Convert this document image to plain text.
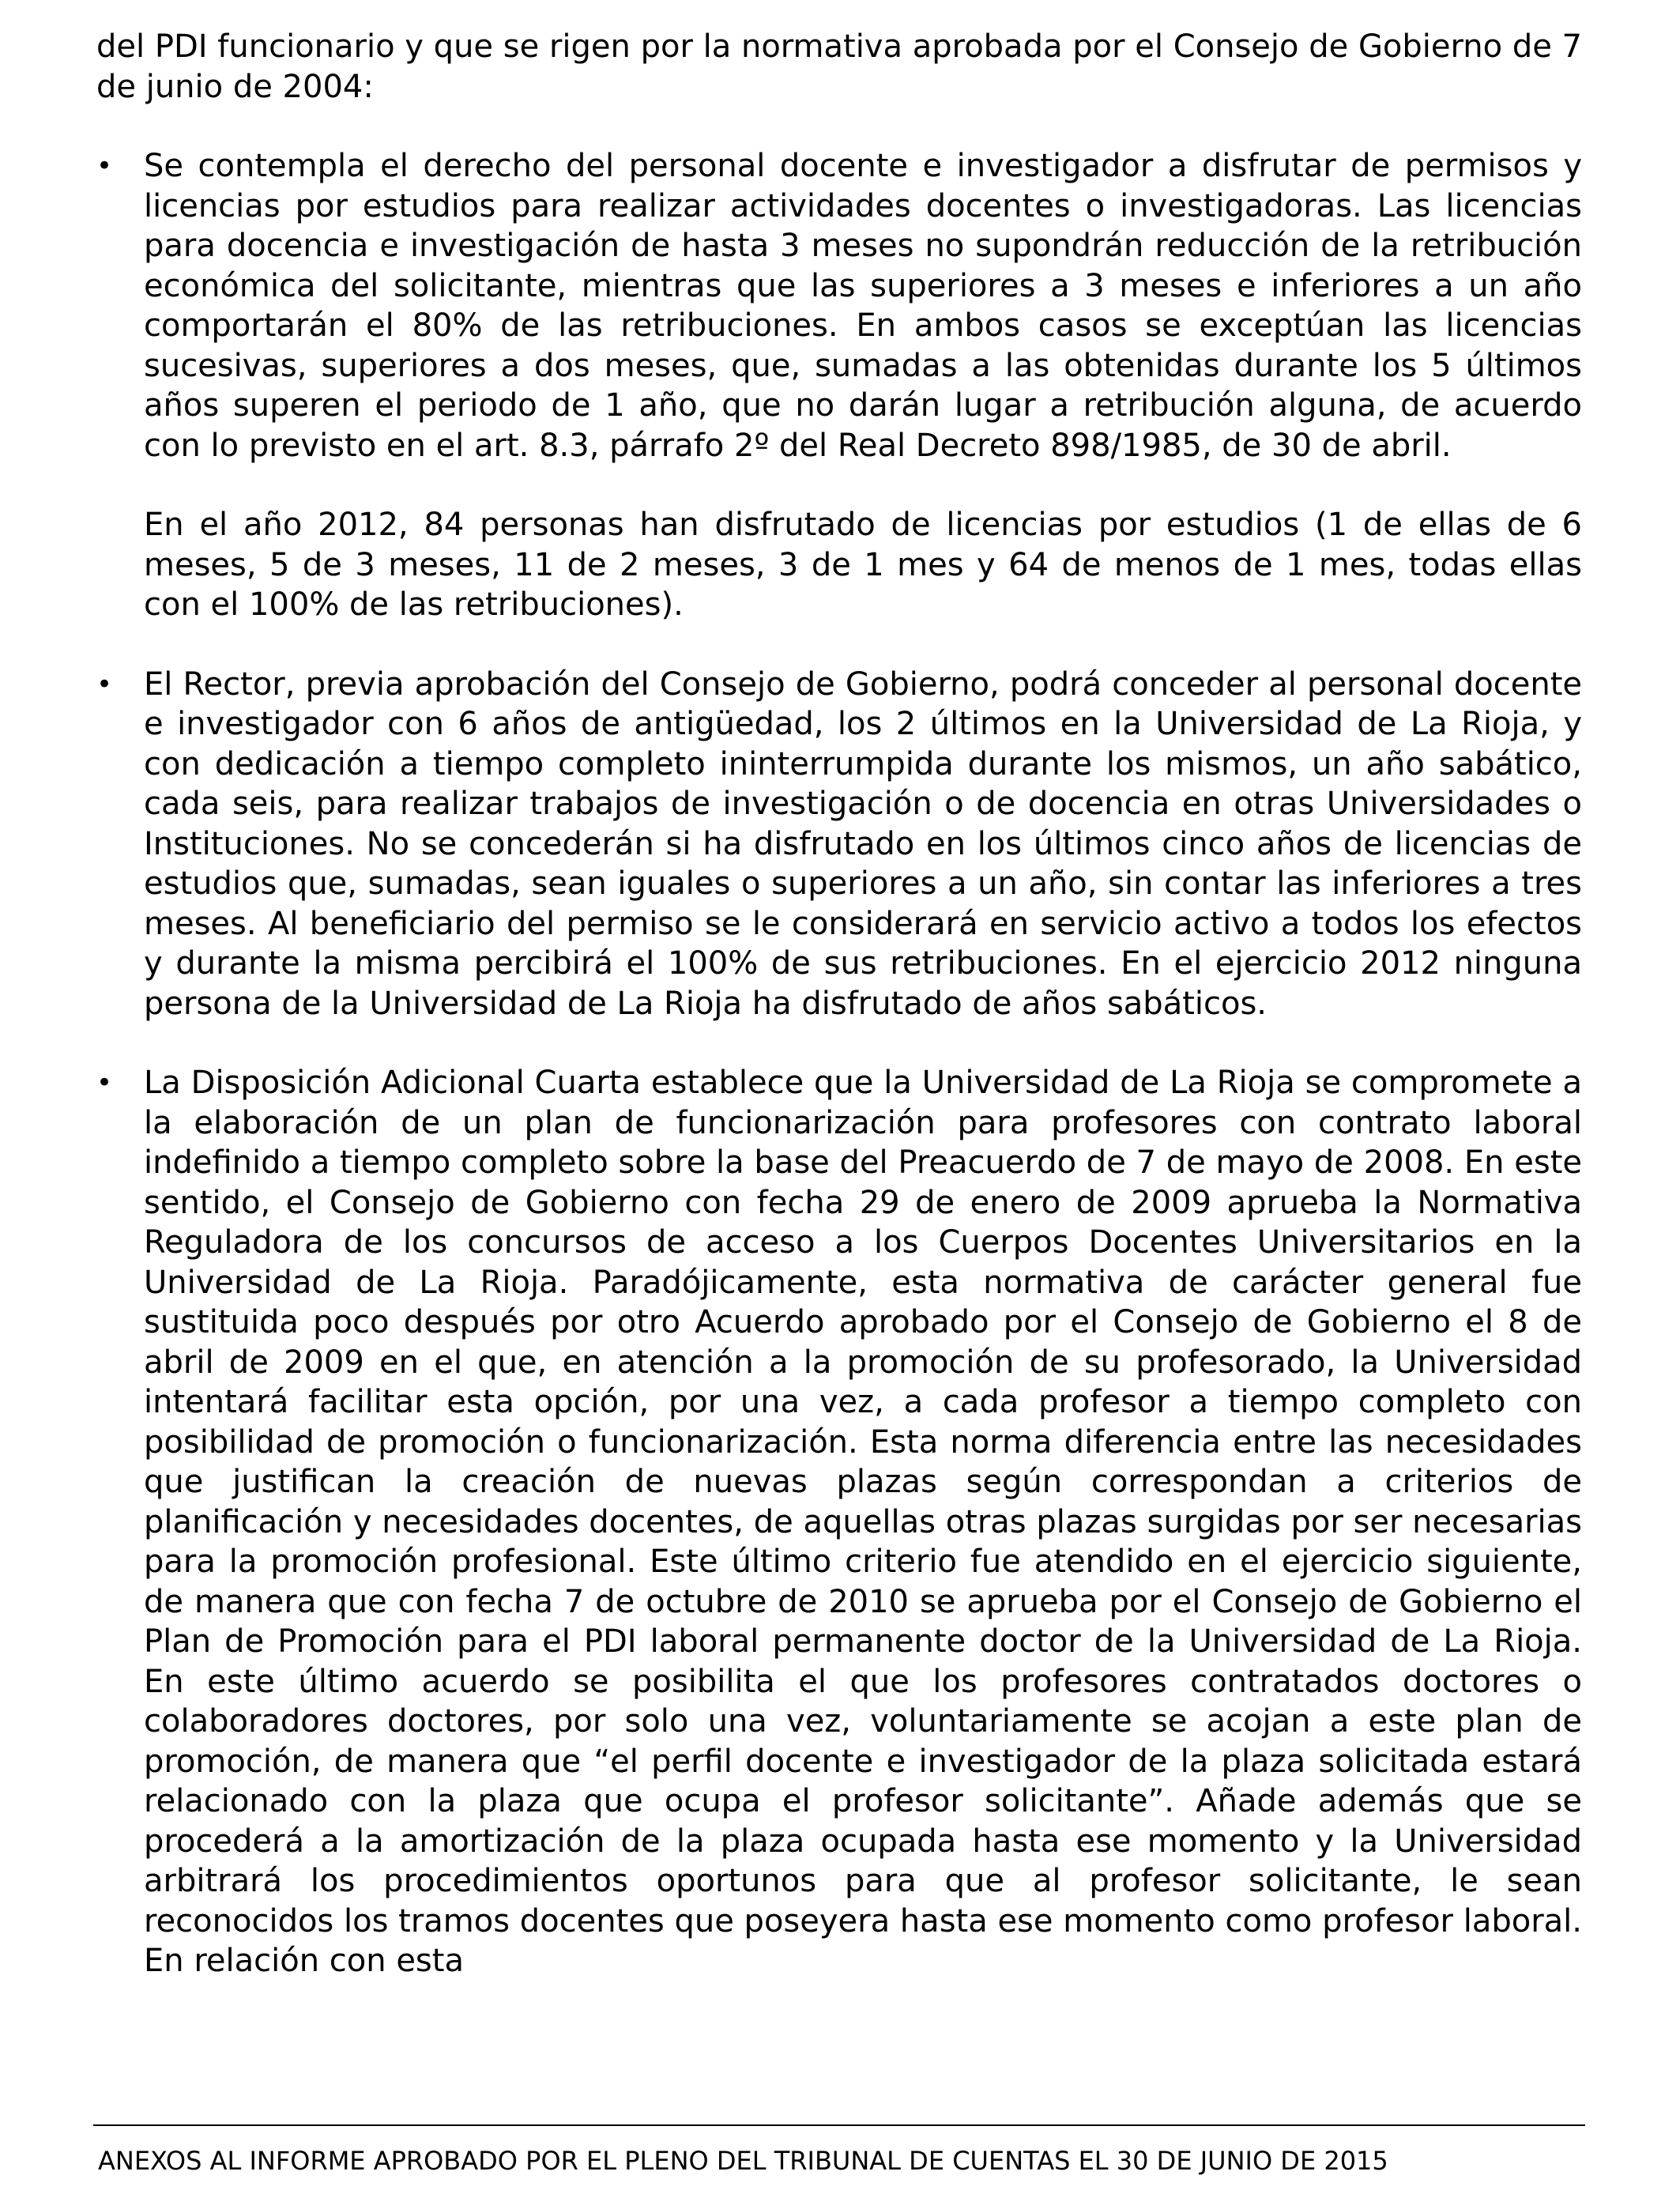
del PDI funcionario y que se rigen por la normativa aprobada por el Consejo de Gobierno de 7 de junio de 2004:

• Se contempla el derecho del personal docente e investigador a disfrutar de permisos y licencias por estudios para realizar actividades docentes o investigadoras. Las licencias para docencia e investigación de hasta 3 meses no supondrán reducción de la retribución económica del solicitante, mientras que las superiores a 3 meses e inferiores a un año comportarán el 80% de las retribuciones. En ambos casos se exceptúan las licencias sucesivas, superiores a dos meses, que, sumadas a las obtenidas durante los 5 últimos años superen el periodo de 1 año, que no darán lugar a retribución alguna, de acuerdo con lo previsto en el art. 8.3, párrafo 2º del Real Decreto 898/1985, de 30 de abril.

En el año 2012, 84 personas han disfrutado de licencias por estudios (1 de ellas de 6 meses, 5 de 3 meses, 11 de 2 meses, 3 de 1 mes y 64 de menos de 1 mes, todas ellas con el 100% de las retribuciones).

• El Rector, previa aprobación del Consejo de Gobierno, podrá conceder al personal docente e investigador con 6 años de antigüedad, los 2 últimos en la Universidad de La Rioja, y con dedicación a tiempo completo ininterrumpida durante los mismos, un año sabático, cada seis, para realizar trabajos de investigación o de docencia en otras Universidades o Instituciones. No se concederán si ha disfrutado en los últimos cinco años de licencias de estudios que, sumadas, sean iguales o superiores a un año, sin contar las inferiores a tres meses. Al beneficiario del permiso se le considerará en servicio activo a todos los efectos y durante la misma percibirá el 100% de sus retribuciones. En el ejercicio 2012 ninguna persona de la Universidad de La Rioja ha disfrutado de años sabáticos.

• La Disposición Adicional Cuarta establece que la Universidad de La Rioja se compromete a la elaboración de un plan de funcionarización para profesores con contrato laboral indefinido a tiempo completo sobre la base del Preacuerdo de 7 de mayo de 2008. En este sentido, el Consejo de Gobierno con fecha 29 de enero de 2009 aprueba la Normativa Reguladora de los concursos de acceso a los Cuerpos Docentes Universitarios en la Universidad de La Rioja. Paradójicamente, esta normativa de carácter general fue sustituida poco después por otro Acuerdo aprobado por el Consejo de Gobierno el 8 de abril de 2009 en el que, en atención a la promoción de su profesorado, la Universidad intentará facilitar esta opción, por una vez, a cada profesor a tiempo completo con posibilidad de promoción o funcionarización. Esta norma diferencia entre las necesidades que justifican la creación de nuevas plazas según correspondan a criterios de planificación y necesidades docentes, de aquellas otras plazas surgidas por ser necesarias para la promoción profesional. Este último criterio fue atendido en el ejercicio siguiente, de manera que con fecha 7 de octubre de 2010 se aprueba por el Consejo de Gobierno el Plan de Promoción para el PDI laboral permanente doctor de la Universidad de La Rioja. En este último acuerdo se posibilita el que los profesores contratados doctores o colaboradores doctores, por solo una vez, voluntariamente se acojan a este plan de promoción, de manera que “el perfil docente e investigador de la plaza solicitada estará relacionado con la plaza que ocupa el profesor solicitante”. Añade además que se procederá a la amortización de la plaza ocupada hasta ese momento y la Universidad arbitrará los procedimientos oportunos para que al profesor solicitante, le sean reconocidos los tramos docentes que poseyera hasta ese momento como profesor laboral. En relación con esta

ANEXOS AL INFORME APROBADO POR EL PLENO DEL TRIBUNAL DE CUENTAS EL 30 DE JUNIO DE 2015
